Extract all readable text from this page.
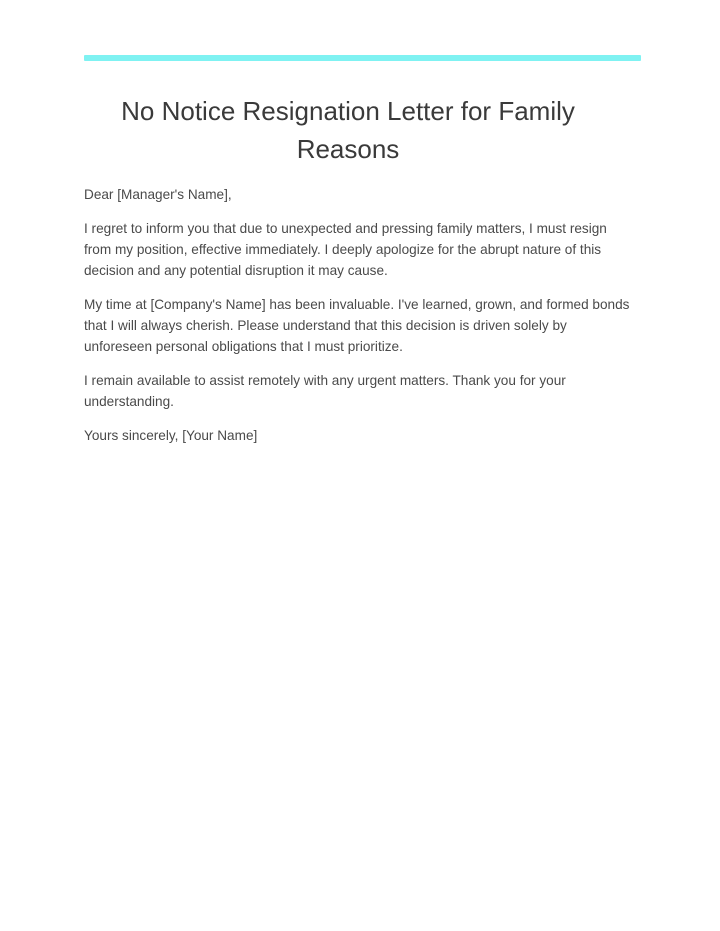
No Notice Resignation Letter for Family Reasons

Dear [Manager's Name],

I regret to inform you that due to unexpected and pressing family matters, I must resign from my position, effective immediately. I deeply apologize for the abrupt nature of this decision and any potential disruption it may cause.

My time at [Company's Name] has been invaluable. I've learned, grown, and formed bonds that I will always cherish. Please understand that this decision is driven solely by unforeseen personal obligations that I must prioritize.

I remain available to assist remotely with any urgent matters. Thank you for your understanding.

Yours sincerely, [Your Name]
